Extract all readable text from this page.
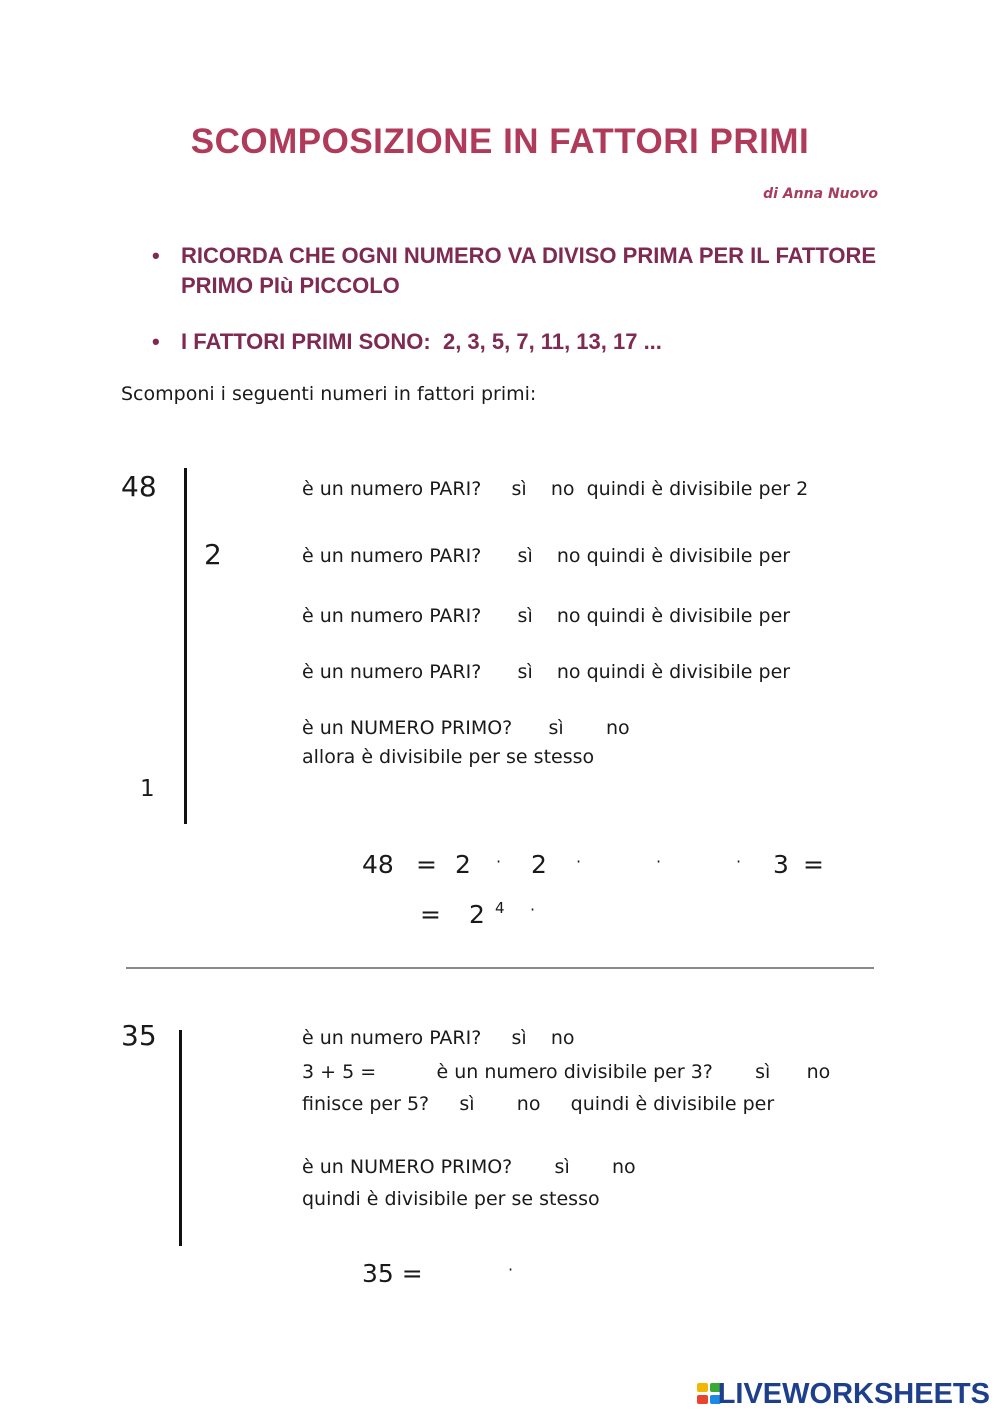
SCOMPOSIZIONE IN FATTORI PRIMI
di Anna Nuovo
• RICORDA CHE OGNI NUMERO VA DIVISO PRIMA PER IL FATTORE PRIMO PIù PICCOLO
• I FATTORI PRIMI SONO:  2, 3, 5, 7, 11, 13, 17 ...
Scomponi i seguenti numeri in fattori primi:
48
2
1
è un numero PARI?     sì    no  quindi è divisibile per 2
è un numero PARI?      sì    no quindi è divisibile per
è un numero PARI?      sì    no quindi è divisibile per
è un numero PARI?      sì    no quindi è divisibile per
è un NUMERO PRIMO?      sì       no
allora è divisibile per se stesso
48 = 2 · 2 ·	·	· 3 =
= 2 4 ·
35	è un numero PARI?     sì    no
3 + 5 =          è un numero divisibile per 3?       sì      no
finisce per 5?     sì       no     quindi è divisibile per
è un NUMERO PRIMO?       sì       no
quindi è divisibile per se stesso
35 =	·
LIVEWORKSHEETS
